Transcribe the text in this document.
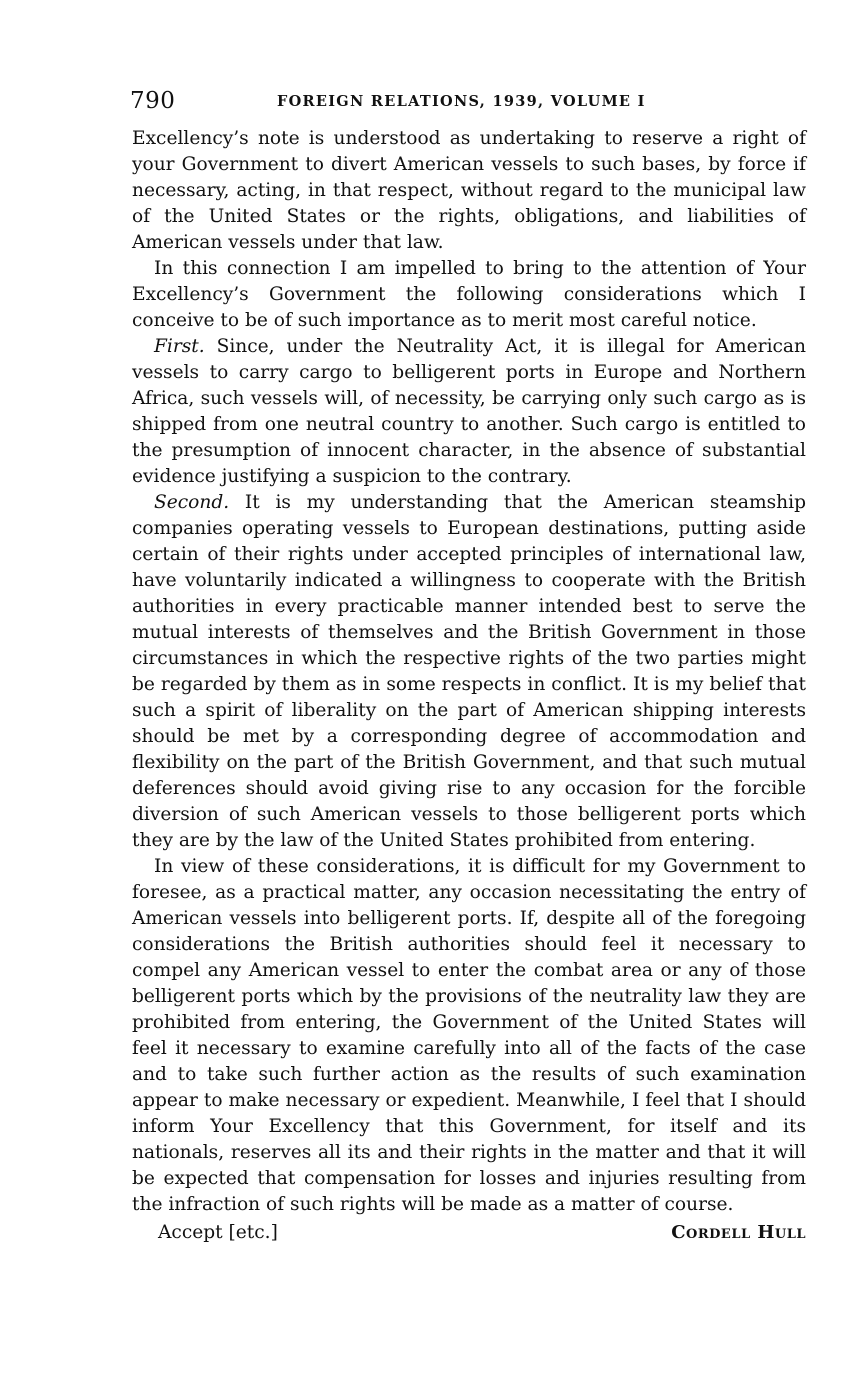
790	FOREIGN RELATIONS, 1939, VOLUME I

Excellency’s note is understood as undertaking to reserve a right of your Government to divert American vessels to such bases, by force if necessary, acting, in that respect, without regard to the municipal law of the United States or the rights, obligations, and liabilities of American vessels under that law.

In this connection I am impelled to bring to the attention of Your Excellency’s Government the following considerations which I conceive to be of such importance as to merit most careful notice.

First. Since, under the Neutrality Act, it is illegal for American vessels to carry cargo to belligerent ports in Europe and Northern Africa, such vessels will, of necessity, be carrying only such cargo as is shipped from one neutral country to another. Such cargo is entitled to the presumption of innocent character, in the absence of substantial evidence justifying a suspicion to the contrary.

Second. It is my understanding that the American steamship companies operating vessels to European destinations, putting aside certain of their rights under accepted principles of international law, have voluntarily indicated a willingness to cooperate with the British authorities in every practicable manner intended best to serve the mutual interests of themselves and the British Government in those circumstances in which the respective rights of the two parties might be regarded by them as in some respects in conflict. It is my belief that such a spirit of liberality on the part of American shipping interests should be met by a corresponding degree of accommodation and flexibility on the part of the British Government, and that such mutual deferences should avoid giving rise to any occasion for the forcible diversion of such American vessels to those belligerent ports which they are by the law of the United States prohibited from entering.

In view of these considerations, it is difficult for my Government to foresee, as a practical matter, any occasion necessitating the entry of American vessels into belligerent ports. If, despite all of the foregoing considerations the British authorities should feel it necessary to compel any American vessel to enter the combat area or any of those belligerent ports which by the provisions of the neutrality law they are prohibited from entering, the Government of the United States will feel it necessary to examine carefully into all of the facts of the case and to take such further action as the results of such examination appear to make necessary or expedient. Meanwhile, I feel that I should inform Your Excellency that this Government, for itself and its nationals, reserves all its and their rights in the matter and that it will be expected that compensation for losses and injuries resulting from the infraction of such rights will be made as a matter of course.

Accept [etc.]	Cordell Hull
